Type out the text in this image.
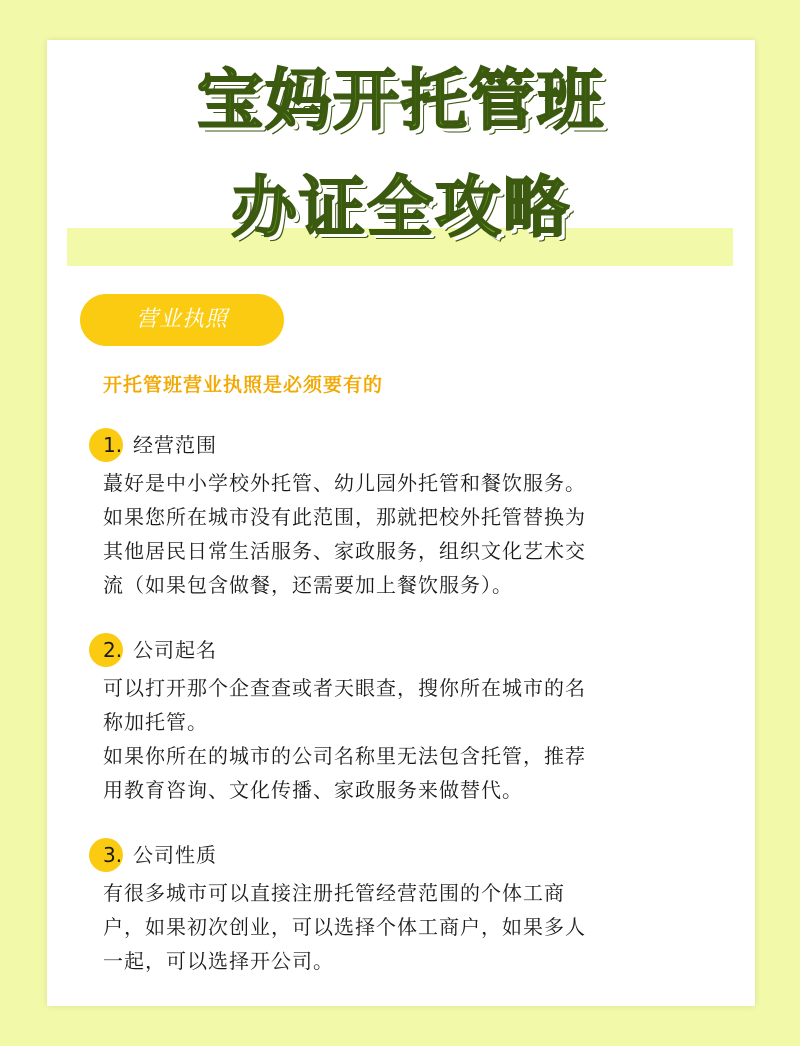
宝妈开托管班
办证全攻略
营业执照
开托管班营业执照是必须要有的
1. 经营范围
蕞好是中小学校外托管、幼儿园外托管和餐饮服务。
如果您所在城市没有此范围，那就把校外托管替换为
其他居民日常生活服务、家政服务，组织文化艺术交
流（如果包含做餐，还需要加上餐饮服务）。
2. 公司起名
可以打开那个企查查或者天眼查，搜你所在城市的名
称加托管。
如果你所在的城市的公司名称里无法包含托管，推荐
用教育咨询、文化传播、家政服务来做替代。
3. 公司性质
有很多城市可以直接注册托管经营范围的个体工商
户，如果初次创业，可以选择个体工商户，如果多人
一起，可以选择开公司。
